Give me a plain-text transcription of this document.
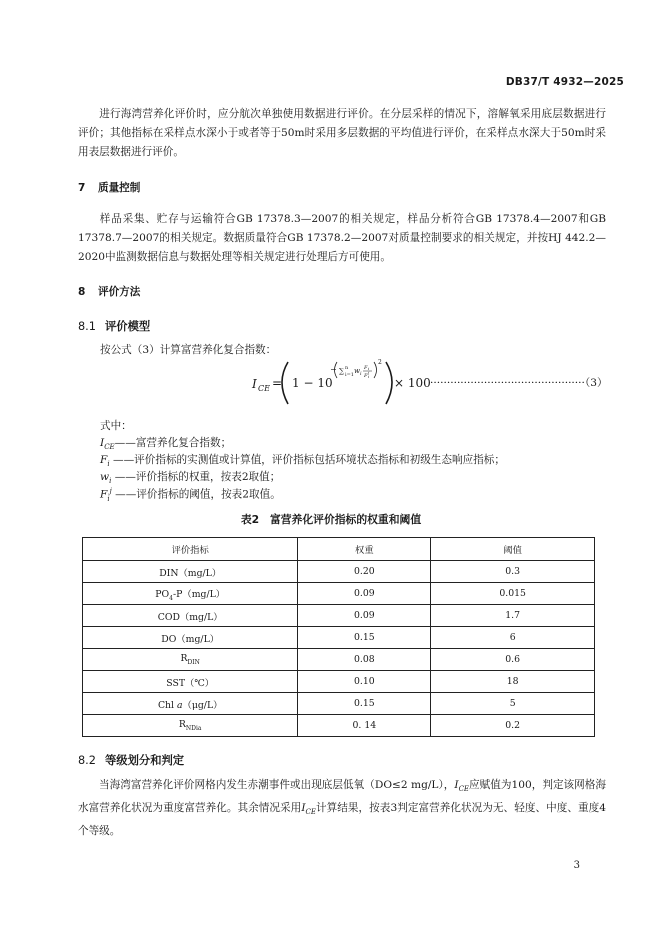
DB37/T 4932—2025
进行海湾营养化评价时，应分航次单独使用数据进行评价。在分层采样的情况下，溶解氧采用底层数据进行评价；其他指标在采样点水深小于或者等于50m时采用多层数据的平均值进行评价，在采样点水深大于50m时采用表层数据进行评价。
7 质量控制
样品采集、贮存与运输符合GB 17378.3—2007的相关规定，样品分析符合GB 17378.4—2007和GB 17378.7—2007的相关规定。数据质量符合GB 17378.2—2007对质量控制要求的相关规定，并按HJ 442.2—2020中监测数据信息与数据处理等相关规定进行处理后方可使用。
8 评价方法
8.1 评价模型
按公式（3）计算富营养化复合指数：
I CE = 1 − 10
− ∑ n
i=1 w i
F i
F i
j
2
× 100 ··············································（3）
式中：
$I_{CE}——$富营养化复合指数；
$F_i$ ——评价指标的实测值或计算值，评价指标包括环境状态指标和初级生态响应指标；
$w_i$ ——评价指标的权重，按表2取值；
$F_i^j$ ——评价指标的阈值，按表2取值。
表2　富营养化评价指标的权重和阈值
评价指标	权重	阈值
DIN（mg/L）	0.20	0.3
$PO_4-P(mg/L)$	0.09	0.015
COD（mg/L）	0.09	1.7
DO（mg/L）	0.15	6
$R_{DIN}$	0.08	0.6
SST（℃）	0.10	18
Chl a（μg/L）	0.15	5
$R_{NDia}$	0. 14	0.2
8.2 等级划分和判定
当海湾富营养化评价网格内发生赤潮事件或出现底层低氧（DO≤2 mg/L），$I_{CE}$应赋值为100，判定该网格海水富营养化状况为重度富营养化。其余情况采用$I_{CE}$计算结果，按表3判定富营养化状况为无、轻度、中度、重度4个等级。
3
